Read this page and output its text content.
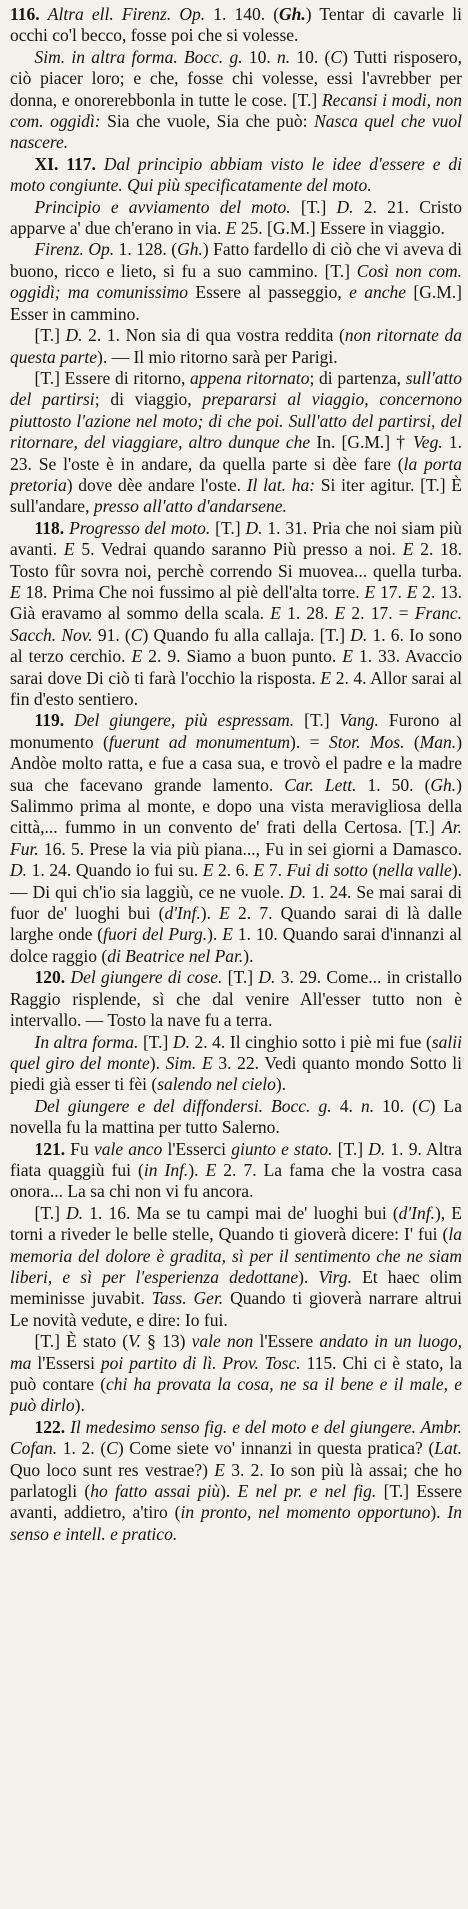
116. Altra ell. Firenz. Op. 1. 140. (Gh.) Tentar di cavarle li occhi co'l becco, fosse poi che si volesse.

Sim. in altra forma. Bocc. g. 10. n. 10. (C) Tutti risposero, ciò piacer loro; e che, fosse chi volesse, essi l'avrebber per donna, e onorerebbonla in tutte le cose. [T.] Recansi i modi, non com. oggidì: Sia che vuole, Sia che può: Nasca quel che vuol nascere.

XI. 117. Dal principio abbiam visto le idee d'essere e di moto congiunte. Qui più specificatamente del moto.

Principio e avviamento del moto. [T.] D. 2. 21. Cristo apparve a' due ch'erano in via. E 25. [G.M.] Essere in viaggio.

Firenz. Op. 1. 128. (Gh.) Fatto fardello di ciò che vi aveva di buono, ricco e lieto, si fu a suo cammino. [T.] Così non com. oggidì; ma comunissimo Essere al passeggio, e anche [G.M.] Esser in cammino.

[T.] D. 2. 1. Non sia di qua vostra reddita (non ritornate da questa parte). — Il mio ritorno sarà per Parigi.

[T.] Essere di ritorno, appena ritornato; di partenza, sull'atto del partirsi; di viaggio, prepararsi al viaggio, concernono piuttosto l'azione nel moto; di che poi. Sull'atto del partirsi, del ritornare, del viaggiare, altro dunque che In. [G.M.] † Veg. 1. 23. Se l'oste è in andare, da quella parte si dèe fare (la porta pretoria) dove dèe andare l'oste. Il lat. ha: Si iter agitur. [T.] È sull'andare, presso all'atto d'andarsene.

118. Progresso del moto. [T.] D. 1. 31. Pria che noi siam più avanti. E 5. Vedrai quando saranno Più presso a noi. E 2. 18. Tosto fûr sovra noi, perchè correndo Si muovea... quella turba. E 18. Prima Che noi fussimo al piè dell'alta torre. E 17. E 2. 13. Già eravamo al sommo della scala. E 1. 28. E 2. 17. = Franc. Sacch. Nov. 91. (C) Quando fu alla callaja. [T.] D. 1. 6. Io sono al terzo cerchio. E 2. 9. Siamo a buon punto. E 1. 33. Avaccio sarai dove Di ciò ti farà l'occhio la risposta. E 2. 4. Allor sarai al fin d'esto sentiero.

119. Del giungere, più espressam. [T.] Vang. Furono al monumento (fuerunt ad monumentum). = Stor. Mos. (Man.) Andòe molto ratta, e fue a casa sua, e trovò el padre e la madre sua che facevano grande lamento. Car. Lett. 1. 50. (Gh.) Salimmo prima al monte, e dopo una vista meravigliosa della città,... fummo in un convento de' frati della Certosa. [T.] Ar. Fur. 16. 5. Prese la via più piana..., Fu in sei giorni a Damasco. D. 1. 24. Quando io fui su. E 2. 6. E 7. Fui di sotto (nella valle). — Di qui ch'io sia laggiù, ce ne vuole. D. 1. 24. Se mai sarai di fuor de' luoghi bui (d'Inf.). E 2. 7. Quando sarai di là dalle larghe onde (fuori del Purg.). E 1. 10. Quando sarai d'innanzi al dolce raggio (di Beatrice nel Par.).

120. Del giungere di cose. [T.] D. 3. 29. Come... in cristallo Raggio risplende, sì che dal venire All'esser tutto non è intervallo. — Tosto la nave fu a terra.

In altra forma. [T.] D. 2. 4. Il cinghio sotto i piè mi fue (salii quel giro del monte). Sim. E 3. 22. Vedi quanto mondo Sotto li piedi già esser ti fèi (salendo nel cielo).

Del giungere e del diffondersi. Bocc. g. 4. n. 10. (C) La novella fu la mattina per tutto Salerno.

121. Fu vale anco l'Esserci giunto e stato. [T.] D. 1. 9. Altra fiata quaggiù fui (in Inf.). E 2. 7. La fama che la vostra casa onora... La sa chi non vi fu ancora.

[T.] D. 1. 16. Ma se tu campi mai de' luoghi bui (d'Inf.), E torni a riveder le belle stelle, Quando ti gioverà dicere: I' fui (la memoria del dolore è gradita, sì per il sentimento che ne siam liberi, e sì per l'esperienza dedottane). Virg. Et haec olim meminisse juvabit. Tass. Ger. Quando ti gioverà narrare altrui Le novità vedute, e dire: Io fui.

[T.] È stato (V. § 13) vale non l'Essere andato in un luogo, ma l'Essersi poi partito di lì. Prov. Tosc. 115. Chi ci è stato, la può contare (chi ha provata la cosa, ne sa il bene e il male, e può dirlo).

122. Il medesimo senso fig. e del moto e del giungere. Ambr. Cofan. 1. 2. (C) Come siete vo' innanzi in questa pratica? (Lat. Quo loco sunt res vestrae?) E 3. 2. Io son più là assai; che ho parlatogli (ho fatto assai più). E nel pr. e nel fig. [T.] Essere avanti, addietro, a'tiro (in pronto, nel momento opportuno). In senso e intell. e pratico.
